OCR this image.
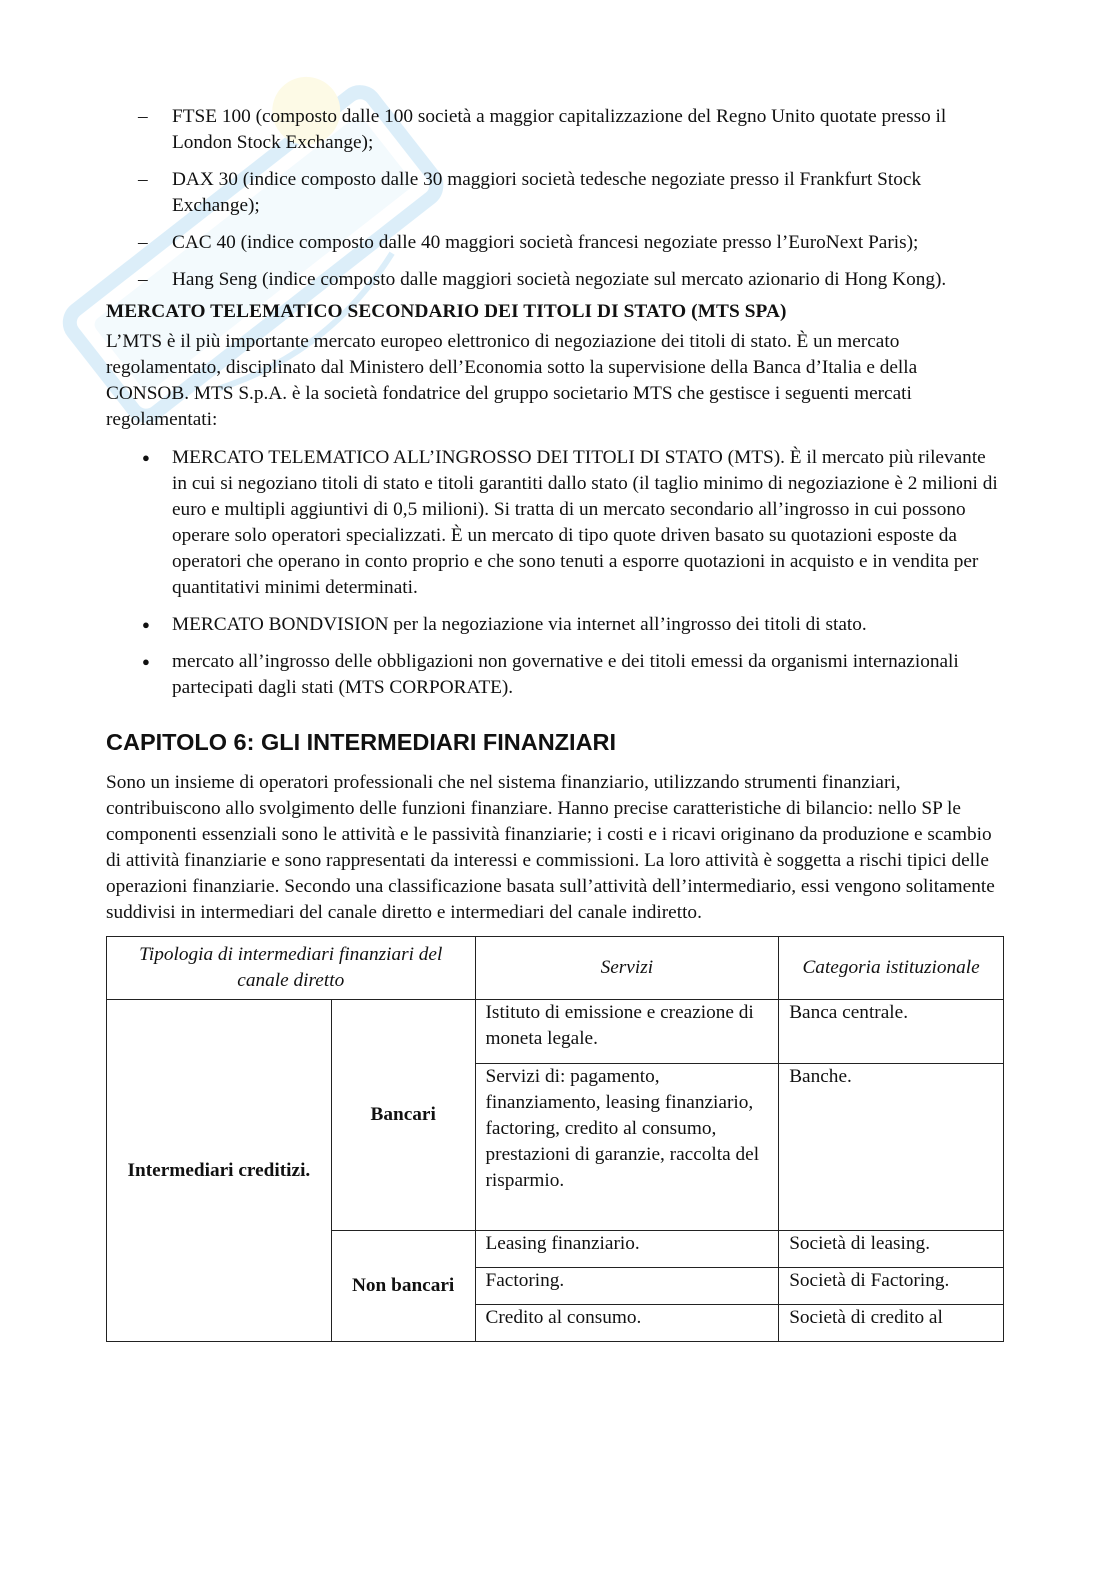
– FTSE 100 (composto dalle 100 società a maggior capitalizzazione del Regno Unito quotate presso il London Stock Exchange);
– DAX 30 (indice composto dalle 30 maggiori società tedesche negoziate presso il Frankfurt Stock Exchange);
– CAC 40 (indice composto dalle 40 maggiori società francesi negoziate presso l’EuroNext Paris);
– Hang Seng (indice composto dalle maggiori società negoziate sul mercato azionario di Hong Kong).
MERCATO TELEMATICO SECONDARIO DEI TITOLI DI STATO (MTS SPA)

L’MTS è il più importante mercato europeo elettronico di negoziazione dei titoli di stato. È un mercato regolamentato, disciplinato dal Ministero dell’Economia sotto la supervisione della Banca d’Italia e della CONSOB. MTS S.p.A. è la società fondatrice del gruppo societario MTS che gestisce i seguenti mercati regolamentati:

● MERCATO TELEMATICO ALL’INGROSSO DEI TITOLI DI STATO (MTS). È il mercato più rilevante in cui si negoziano titoli di stato e titoli garantiti dallo stato (il taglio minimo di negoziazione è 2 milioni di euro e multipli aggiuntivi di 0,5 milioni). Si tratta di un mercato secondario all’ingrosso in cui possono operare solo operatori specializzati. È un mercato di tipo quote driven basato su quotazioni esposte da operatori che operano in conto proprio e che sono tenuti a esporre quotazioni in acquisto e in vendita per quantitativi minimi determinati.
● MERCATO BONDVISION per la negoziazione via internet all’ingrosso dei titoli di stato.
● mercato all’ingrosso delle obbligazioni non governative e dei titoli emessi da organismi internazionali partecipati dagli stati (MTS CORPORATE).
CAPITOLO 6: GLI INTERMEDIARI FINANZIARI

Sono un insieme di operatori professionali che nel sistema finanziario, utilizzando strumenti finanziari, contribuiscono allo svolgimento delle funzioni finanziare. Hanno precise caratteristiche di bilancio: nello SP le componenti essenziali sono le attività e le passività finanziarie; i costi e i ricavi originano da produzione e scambio di attività finanziarie e sono rappresentati da interessi e commissioni. La loro attività è soggetta a rischi tipici delle operazioni finanziarie. Secondo una classificazione basata sull’attività dell’intermediario, essi vengono solitamente suddivisi in intermediari del canale diretto e intermediari del canale indiretto.

Tipologia di intermediari finanziari del canale diretto		Servizi	Categoria istituzionale
Intermediari creditizi.	Bancari	Istituto di emissione e creazione di moneta legale.	Banca centrale.
		Servizi di: pagamento, finanziamento, leasing finanziario, factoring, credito al consumo, prestazioni di garanzie, raccolta del risparmio.	Banche.
	Non bancari	Leasing finanziario.	Società di leasing.
		Factoring.	Società di Factoring.
		Credito al consumo.	Società di credito al
